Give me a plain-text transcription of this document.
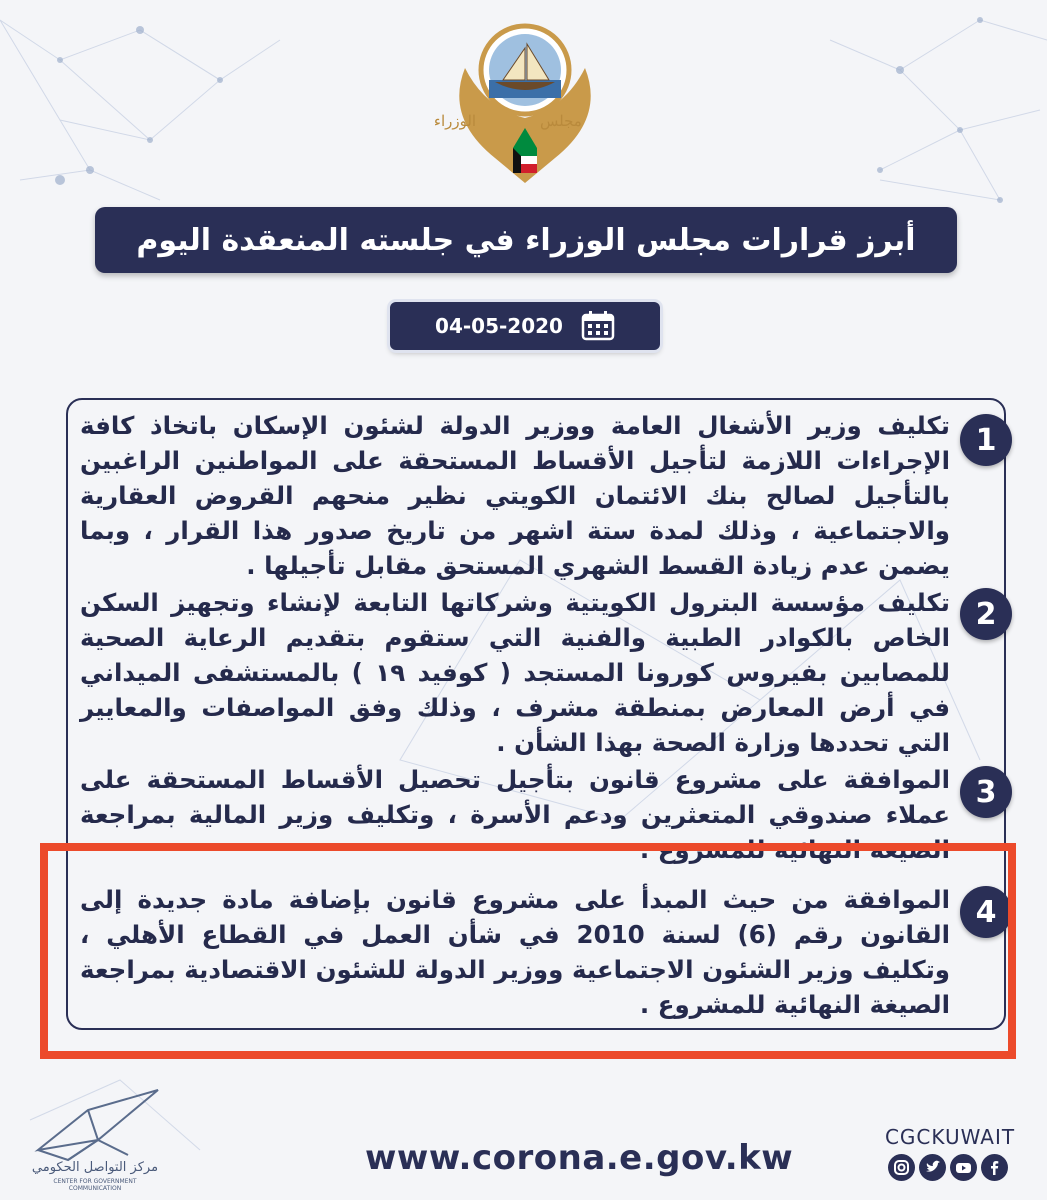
مجلس
الوزراء
أبرز قرارات مجلس الوزراء في جلسته المنعقدة اليوم
04-05-2020
1
تكليف وزير الأشغال العامة ووزير الدولة لشئون الإسكان باتخاذ كافة الإجراءات اللازمة لتأجيل الأقساط المستحقة على المواطنين الراغبين بالتأجيل لصالح بنك الائتمان الكويتي نظير منحهم القروض العقارية والاجتماعية ، وذلك لمدة ستة اشهر من تاريخ صدور هذا القرار ، وبما يضمن عدم زيادة القسط الشهري المستحق مقابل تأجيلها .
2
تكليف مؤسسة البترول الكويتية وشركاتها التابعة لإنشاء وتجهيز السكن الخاص بالكوادر الطبية والفنية التي ستقوم بتقديم الرعاية الصحية للمصابين بفيروس كورونا المستجد ( كوفيد ١٩ ) بالمستشفى الميداني في أرض المعارض بمنطقة مشرف ، وذلك وفق المواصفات والمعايير التي تحددها وزارة الصحة بهذا الشأن .
3
الموافقة على مشروع قانون بتأجيل تحصيل الأقساط المستحقة على عملاء صندوقي المتعثرين ودعم الأسرة ، وتكليف وزير المالية بمراجعة الصيغة النهائية للمشروع .
4
الموافقة من حيث المبدأ على مشروع قانون بإضافة مادة جديدة إلى القانون رقم (6) لسنة 2010 في شأن العمل في القطاع الأهلي ، وتكليف وزير الشئون الاجتماعية ووزير الدولة للشئون الاقتصادية بمراجعة الصيغة النهائية للمشروع .
مركز التواصل الحكومي
CENTER FOR GOVERNMENT COMMUNICATION
www.corona.e.gov.kw
CGCKUWAIT
